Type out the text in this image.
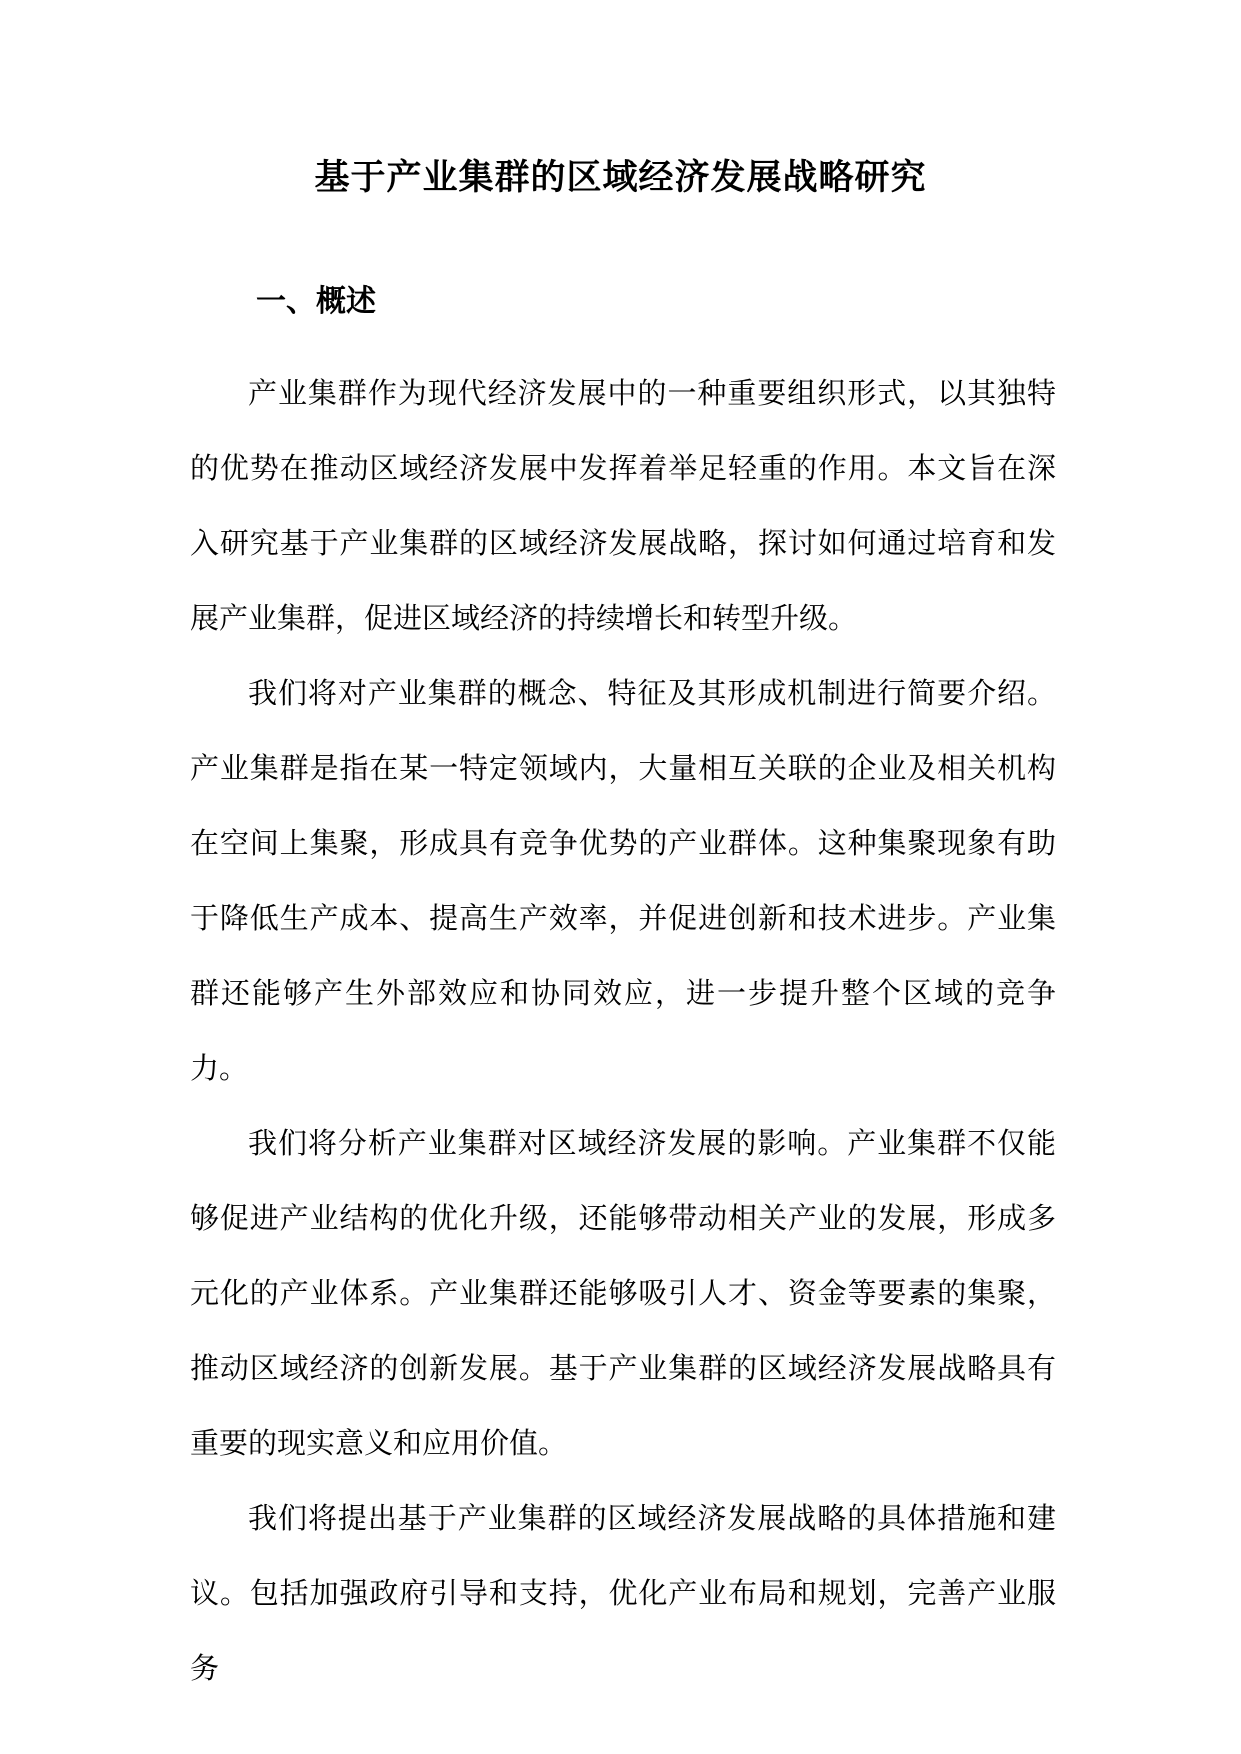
基于产业集群的区域经济发展战略研究
一、概述

产业集群作为现代经济发展中的一种重要组织形式，以其独特的优势在推动区域经济发展中发挥着举足轻重的作用。本文旨在深入研究基于产业集群的区域经济发展战略，探讨如何通过培育和发展产业集群，促进区域经济的持续增长和转型升级。

我们将对产业集群的概念、特征及其形成机制进行简要介绍。产业集群是指在某一特定领域内，大量相互关联的企业及相关机构在空间上集聚，形成具有竞争优势的产业群体。这种集聚现象有助于降低生产成本、提高生产效率，并促进创新和技术进步。产业集群还能够产生外部效应和协同效应，进一步提升整个区域的竞争力。

我们将分析产业集群对区域经济发展的影响。产业集群不仅能够促进产业结构的优化升级，还能够带动相关产业的发展，形成多元化的产业体系。产业集群还能够吸引人才、资金等要素的集聚，推动区域经济的创新发展。基于产业集群的区域经济发展战略具有重要的现实意义和应用价值。

我们将提出基于产业集群的区域经济发展战略的具体措施和建议。包括加强政府引导和支持，优化产业布局和规划，完善产业服务
